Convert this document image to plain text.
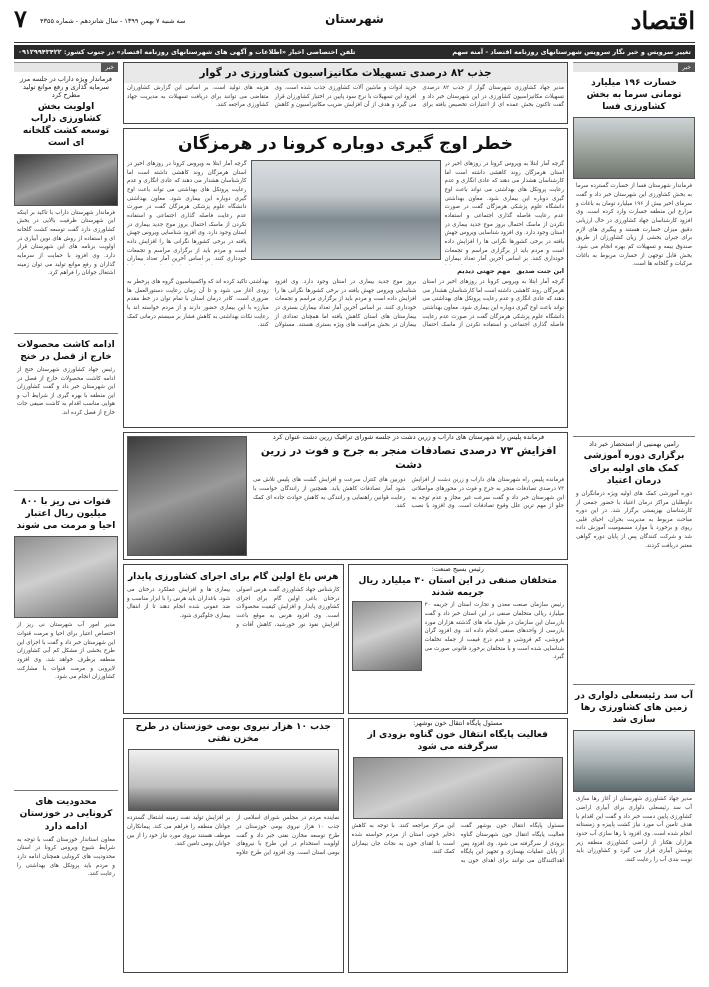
اقتصاد
شهرستان
سه شنبه ۷ بهمن ۱۳۹۹ - سال شانزدهم - شماره ۴۳۵۵
۷
تغییر سرویس و خبر نگار سرویس شهرستانهای روزنامه اقتصاد - آمنه سهم
تلفن اختصاصی اخبار «اطلاعات و آگهی های شهرستانهای روزنامه اقتصاد» در جنوب کشور: ۰۹۱۲۹۹۴۳۴۲۲
خبر
خسارت ۱۹۶ میلیارد تومانی سرما به بخش کشاورزی فسا
فرماندار شهرستان فسا از خسارت گسترده سرما به بخش کشاورزی این شهرستان خبر داد و گفت سرمای اخیر بیش از ۱۹۶ میلیارد تومان به باغات و مزارع این منطقه خسارت وارد کرده است. وی افزود کارشناسان جهاد کشاورزی در حال ارزیابی دقیق میزان خسارت هستند و پیگیری های لازم برای جبران بخشی از زیان کشاورزان از طریق صندوق بیمه و تسهیلات کم بهره انجام می شود. بخش قابل توجهی از خسارت مربوط به باغات مرکبات و گلخانه ها است.
رامین بهمنیی از استحضار خبر داد
برگزاری دوره آموزشی کمک های اولیه برای درمان اعتیاد
دوره آموزشی کمک های اولیه ویژه درمانگران و داوطلبان مراکز درمان اعتیاد با حضور جمعی از کارشناسان بهزیستی برگزار شد. در این دوره مباحث مربوط به مدیریت بحران، احیای قلبی ریوی و برخورد با موارد مسمومیت آموزش داده شد و شرکت کنندگان پس از پایان دوره گواهی معتبر دریافت کردند.
آب سد رئیسعلی دلواری در زمین های کشاورزی رها سازی شد
مدیر جهاد کشاورزی شهرستان از آغاز رها سازی آب سد رئیسعلی دلواری برای آبیاری اراضی کشاورزی پایین دست خبر داد و گفت این اقدام با هدف تامین آب مورد نیاز کشت پاییزه و زمستانه انجام شده است. وی افزود با رها سازی آب حدود هزاران هکتار از اراضی کشاورزی منطقه زیر پوشش آبیاری قرار می گیرد و کشاورزان باید نوبت بندی آب را رعایت کنند.
خبر
فرماندار ویژه داراب در جلسه مرز سرمایه گذاری و رفع موانع تولید مطرح کرد
اولویت بخش کشاورزی داراب توسعه کشت گلخانه ای است
فرماندار شهرستان داراب با تاکید بر اینکه این شهرستان ظرفیت بالایی در بخش کشاورزی دارد گفت توسعه کشت گلخانه ای و استفاده از روش های نوین آبیاری در اولویت برنامه های این شهرستان قرار دارد. وی افزود با حمایت از سرمایه گذاران و رفع موانع تولید می توان زمینه اشتغال جوانان را فراهم کرد.
ادامه کاشت محصولات خارج از فصل در خنج
رئیس جهاد کشاورزی شهرستان خنج از ادامه کاشت محصولات خارج از فصل در این شهرستان خبر داد و گفت کشاورزان این منطقه با بهره گیری از شرایط آب و هوایی مناسب اقدام به کاشت صیفی جات خارج از فصل کرده اند.
قنوات نی ریز با ۸۰۰ میلیون ریال اعتبار احیا و مرمت می شوند
مدیر امور آب شهرستان نی ریز از اختصاص اعتبار برای احیا و مرمت قنوات این شهرستان خبر داد و گفت با اجرای این طرح بخشی از مشکل کم آبی کشاورزان منطقه برطرف خواهد شد. وی افزود لایروبی و مرمت قنوات با مشارکت کشاورزان انجام می شود.
محدودیت های کرونایی در خوزستان ادامه دارد
معاون استاندار خوزستان گفت با توجه به شرایط شیوع ویروس کرونا در استان محدودیت های کرونایی همچنان ادامه دارد و مردم باید پروتکل های بهداشتی را رعایت کنند.
جذب ۸۲ درصدی تسهیلات مکانیزاسیون کشاورزی در گوار
مدیر جهاد کشاورزی شهرستان گوار از جذب ۸۲ درصدی تسهیلات مکانیزاسیون کشاورزی در این شهرستان خبر داد و گفت تاکنون بخش عمده ای از اعتبارات تخصیص یافته برای خرید ادوات و ماشین آلات کشاورزی جذب شده است. وی افزود این تسهیلات با نرخ سود پایین در اختیار کشاورزان قرار می گیرد و هدف از آن افزایش ضریب مکانیزاسیون و کاهش هزینه های تولید است. بر اساس این گزارش کشاورزان متقاضی می توانند برای دریافت تسهیلات به مدیریت جهاد کشاورزی مراجعه کنند.
خطر اوج گیری دوباره کرونا در هرمزگان
گرچه آمار ابتلا به ویروس کرونا در روزهای اخیر در استان هرمزگان روند کاهشی داشته است اما کارشناسان هشدار می دهند که عادی انگاری و عدم رعایت پروتکل های بهداشتی می تواند باعث اوج گیری دوباره این بیماری شود. معاون بهداشتی دانشگاه علوم پزشکی هرمزگان گفت در صورت عدم رعایت فاصله گذاری اجتماعی و استفاده نکردن از ماسک احتمال بروز موج جدید بیماری در استان وجود دارد. وی افزود شناسایی ویروس جهش یافته در برخی کشورها نگرانی ها را افزایش داده است و مردم باید از برگزاری مراسم و تجمعات خودداری کنند. بر اساس آخرین آمار تعداد بیماران
گرچه آمار ابتلا به ویروس کرونا در روزهای اخیر در استان هرمزگان روند کاهشی داشته است اما کارشناسان هشدار می دهند که عادی انگاری و عدم رعایت پروتکل های بهداشتی می تواند باعث اوج گیری دوباره این بیماری شود. معاون بهداشتی دانشگاه علوم پزشکی هرمزگان گفت در صورت عدم رعایت فاصله گذاری اجتماعی و استفاده نکردن از ماسک احتمال بروز موج جدید بیماری در استان وجود دارد. وی افزود شناسایی ویروس جهش یافته در برخی کشورها نگرانی ها را افزایش داده است و مردم باید از برگزاری مراسم و تجمعات خودداری کنند. بر اساس آخرین آمار تعداد بیماران
ابن جنت صدیق
مهم جهتی دیدیم
گرچه آمار ابتلا به ویروس کرونا در روزهای اخیر در استان هرمزگان روند کاهشی داشته است اما کارشناسان هشدار می دهند که عادی انگاری و عدم رعایت پروتکل های بهداشتی می تواند باعث اوج گیری دوباره این بیماری شود. معاون بهداشتی دانشگاه علوم پزشکی هرمزگان گفت در صورت عدم رعایت فاصله گذاری اجتماعی و استفاده نکردن از ماسک احتمال بروز موج جدید بیماری در استان وجود دارد. وی افزود شناسایی ویروس جهش یافته در برخی کشورها نگرانی ها را افزایش داده است و مردم باید از برگزاری مراسم و تجمعات خودداری کنند. بر اساس آخرین آمار تعداد بیماران بستری در بیمارستان های استان کاهش یافته اما همچنان تعدادی از بیماران در بخش مراقبت های ویژه بستری هستند. مسئولان بهداشتی تاکید کرده اند که واکسیناسیون گروه های پرخطر به زودی آغاز می شود و تا آن زمان رعایت دستورالعمل ها ضروری است. کادر درمان استان با تمام توان در خط مقدم مبارزه با این بیماری حضور دارند و از مردم خواسته اند با رعایت نکات بهداشتی به کاهش فشار بر سیستم درمانی کمک کنند.
فرمانده پلیس راه شهرستان های داراب و زرین دشت در جلسه شورای ترافیک زرین دشت عنوان کرد
افزایش ۷۳ درصدی تصادفات منجر به جرح و فوت در زرین دشت
فرمانده پلیس راه شهرستان های داراب و زرین دشت از افزایش ۷۳ درصدی تصادفات منجر به جرح و فوت در محورهای مواصلاتی این شهرستان خبر داد و گفت سرعت غیر مجاز و عدم توجه به جلو از مهم ترین علل وقوع تصادفات است. وی افزود با نصب دوربین های کنترل سرعت و افزایش گشت های پلیس تلاش می شود آمار تصادفات کاهش یابد. همچنین از رانندگان خواست با رعایت قوانین راهنمایی و رانندگی به کاهش حوادث جاده ای کمک کنند.
رئیس بسیج صنعت:
متخلفان صنفی در این استان ۳۰ میلیارد ریال جریمه شدند
رئیس سازمان صنعت معدن و تجارت استان از جریمه ۳۰ میلیارد ریالی متخلفان صنفی در این استان خبر داد و گفت بازرسان این سازمان در طول ماه های گذشته هزاران مورد بازرسی از واحدهای صنفی انجام داده اند. وی افزود گران فروشی، کم فروشی و عدم درج قیمت از جمله تخلفات شناسایی شده است و با متخلفان برخورد قانونی صورت می گیرد.
هرس باغ اولین گام برای اجرای کشاورزی پایدار
کارشناس جهاد کشاورزی گفت هرس اصولی درختان باغی اولین گام برای اجرای کشاورزی پایدار و افزایش کیفیت محصولات است. وی افزود هرس به موقع باعث افزایش نفوذ نور خورشید، کاهش آفات و بیماری ها و افزایش عملکرد درختان می شود. باغداران باید هرس را با ابزار مناسب و ضد عفونی شده انجام دهند تا از انتقال بیماری جلوگیری شود.
مسئول پایگاه انتقال خون بوشهر:
فعالیت پایگاه انتقال خون گناوه بزودی از سرگرفته می شود
مسئول پایگاه انتقال خون بوشهر گفت فعالیت پایگاه انتقال خون شهرستان گناوه بزودی از سرگرفته می شود. وی افزود پس از پایان عملیات بهسازی و تجهیز این پایگاه اهداکنندگان می توانند برای اهدای خون به این مرکز مراجعه کنند. با توجه به کاهش ذخایر خونی استان از مردم خواسته شده است با اهدای خون به نجات جان بیماران کمک کنند.
جذب ۱۰ هزار نیروی بومی خوزستان در طرح مخزن نفتی
نماینده مردم در مجلس شورای اسلامی از جذب ۱۰ هزار نیروی بومی خوزستان در طرح توسعه مخازن نفتی خبر داد و گفت اولویت استخدام در این طرح با نیروهای بومی استان است. وی افزود این طرح علاوه بر افزایش تولید نفت زمینه اشتغال گسترده جوانان منطقه را فراهم می کند. پیمانکاران موظف هستند نیروی مورد نیاز خود را از بین جوانان بومی تامین کنند.
